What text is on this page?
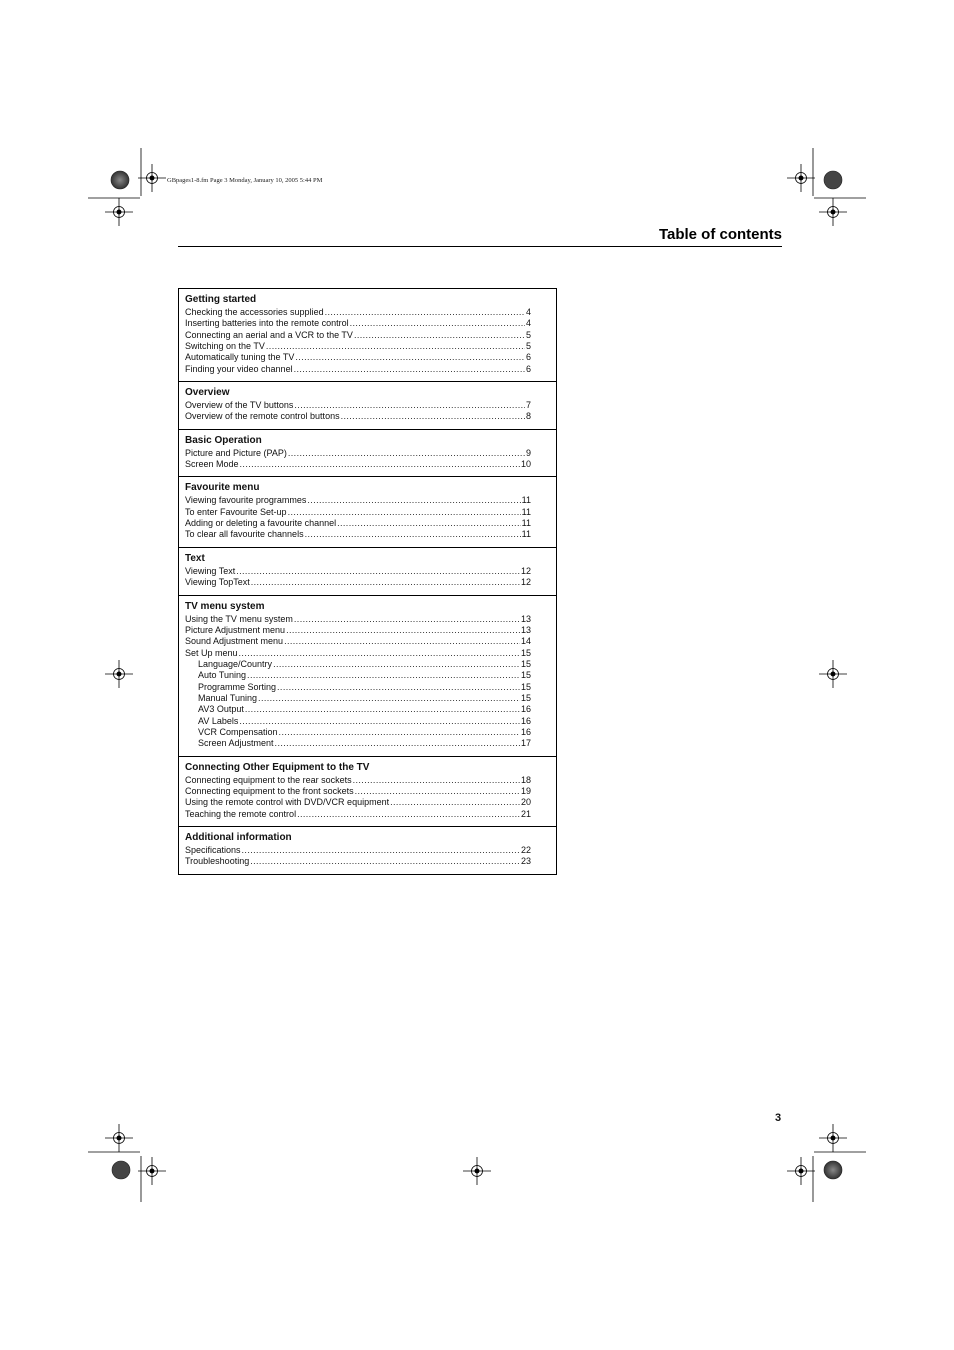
GBpages1-8.fm Page 3 Monday, January 10, 2005 5:44 PM
Table of contents
Getting started
Checking the accessories supplied .....	4
Inserting batteries into the remote control .....	4
Connecting an aerial and a VCR to the TV .....	5
Switching on the TV .....	5
Automatically tuning the TV .....	6
Finding your video channel .....	6
Overview
Overview of the TV buttons .....	7
Overview of the remote control buttons .....	8
Basic Operation
Picture and Picture (PAP) .....	9
Screen Mode .....	10
Favourite menu
Viewing favourite programmes .....	11
To enter Favourite Set-up .....	11
Adding or deleting a favourite channel .....	11
To clear all favourite channels .....	11
Text
Viewing Text .....	12
Viewing TopText .....	12
TV menu system
Using the TV menu system .....	13
Picture Adjustment menu .....	13
Sound Adjustment menu .....	14
Set Up menu .....	15
Language/Country .....	15
Auto Tuning .....	15
Programme Sorting .....	15
Manual Tuning .....	15
AV3 Output .....	16
AV Labels .....	16
VCR Compensation .....	16
Screen Adjustment .....	17
Connecting Other Equipment to the TV
Connecting equipment to the rear sockets .....	18
Connecting equipment to the front sockets .....	19
Using the remote control with DVD/VCR equipment .....	20
Teaching the remote control .....	21
Additional information
Specifications .....	22
Troubleshooting .....	23
3
